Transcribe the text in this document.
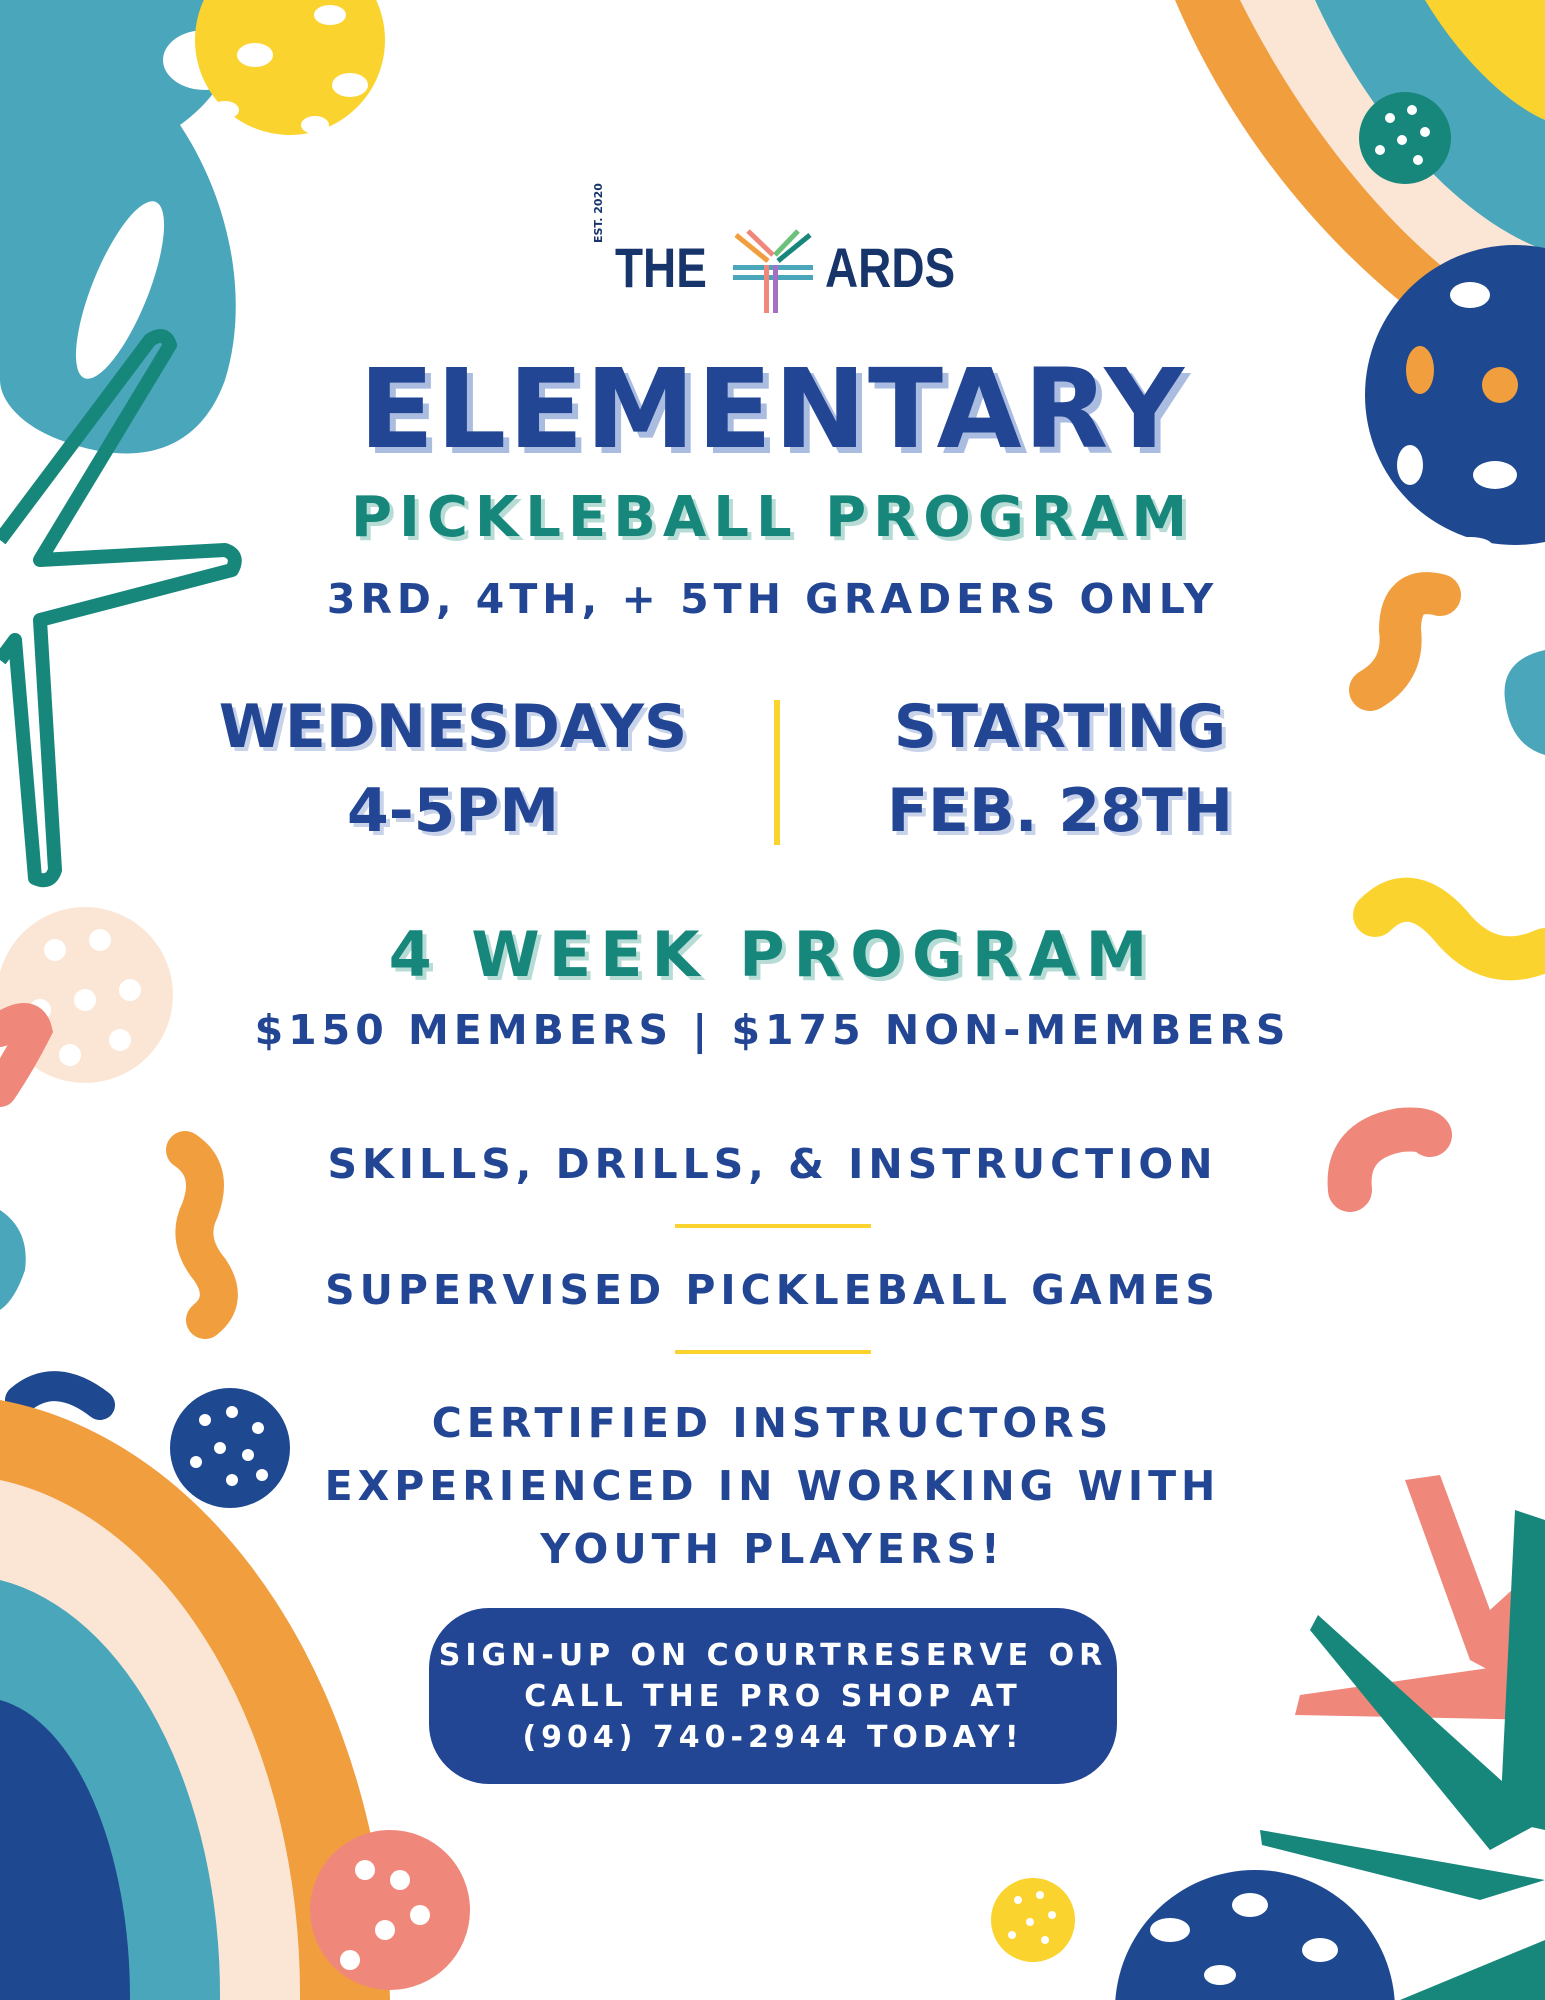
EST. 2020
THE ARDS
ELEMENTARY
PICKLEBALL PROGRAM
3RD, 4TH, + 5TH GRADERS ONLY
WEDNESDAYS
4-5PM
STARTING
FEB. 28TH
4 WEEK PROGRAM
$150 MEMBERS | $175 NON-MEMBERS
SKILLS, DRILLS, & INSTRUCTION
SUPERVISED PICKLEBALL GAMES
CERTIFIED INSTRUCTORS
EXPERIENCED IN WORKING WITH
YOUTH PLAYERS!
SIGN-UP ON COURTRESERVE OR
CALL THE PRO SHOP AT
(904) 740-2944 TODAY!
